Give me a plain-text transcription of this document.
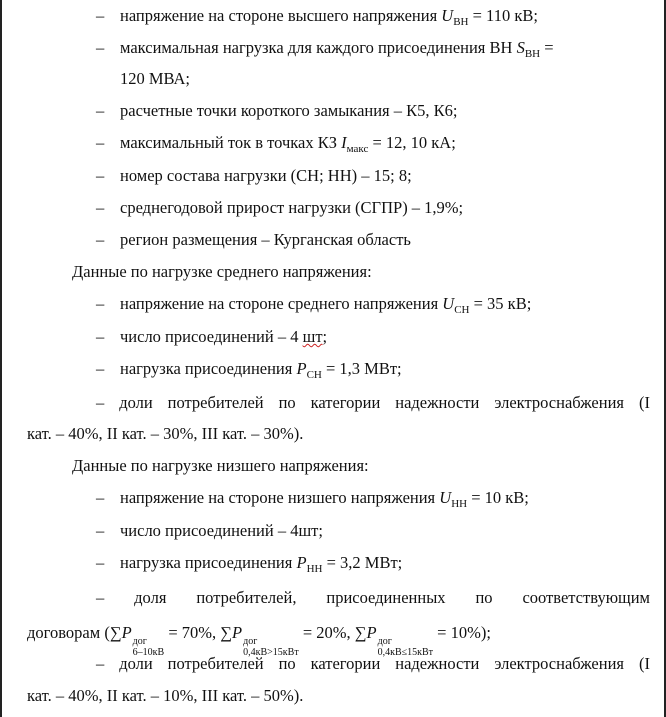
– напряжение на стороне высшего напряжения $U_{ВН} = 110$ кВ;
– максимальная нагрузка для каждого присоединения ВН $S_{ВН}$ =
120 МВА;
– расчетные точки короткого замыкания – К5, К6;
– максимальный ток в точках КЗ $I_{макс} = 12$, 10 кА;
– номер состава нагрузки (СН; НН) – 15; 8;
– среднегодовой прирост нагрузки (СГПР) – 1,9%;
– регион размещения – Курганская область
Данные по нагрузке среднего напряжения:
– напряжение на стороне среднего напряжения $U_{СН} = 35$ кВ;
– число присоединений – 4 шт;
– нагрузка присоединения $P_{СН} = 1,3$ МВт;
– доли потребителей по категории надежности электроснабжения (I
кат. – 40%, II кат. – 30%, III кат. – 30%).
Данные по нагрузке низшего напряжения:
– напряжение на стороне низшего напряжения $U_{НН} = 10$ кВ;
– число присоединений – 4шт;
– нагрузка присоединения $P_{НН} = 3,2$ МВт;
– доля потребителей, присоединенных по соответствующим
договорам (∑P дог
6–10кВ
= 70%, ∑P дог
0,4кВ>15кВт
= 20%, ∑P дог
0,4кВ≤15кВт
= 10%);
– доли потребителей по категории надежности электроснабжения (I
кат. – 40%, II кат. – 10%, III кат. – 50%).
